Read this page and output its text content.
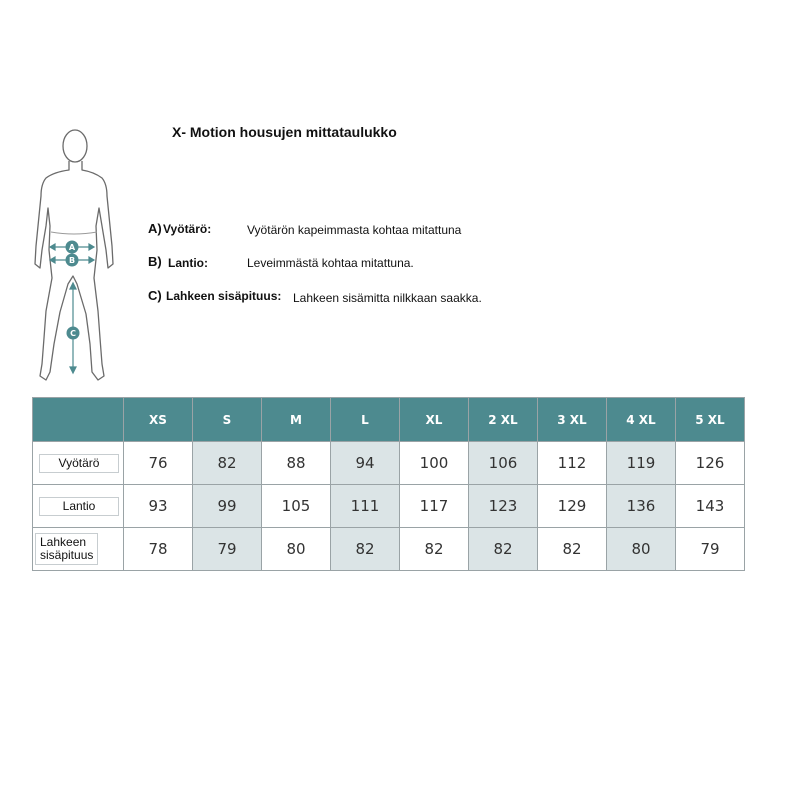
X- Motion housujen mittataulukko
A
B
C
A) Vyötärö:	Vyötärön kapeimmasta kohtaa mitattuna
B) Lantio:	Leveimmästä kohtaa mitattuna.
C) Lahkeen sisäpituus: Lahkeen sisämitta nilkkaan saakka.
	XS	S	M	L	XL	2 XL	3 XL	4 XL	5 XL
Vyötärö	76	82	88	94	100	106	112	119	126
Lantio	93	99	105	111	117	123	129	136	143
Lahkeen
sisäpituus	78	79	80	82	82	82	82	80	79
